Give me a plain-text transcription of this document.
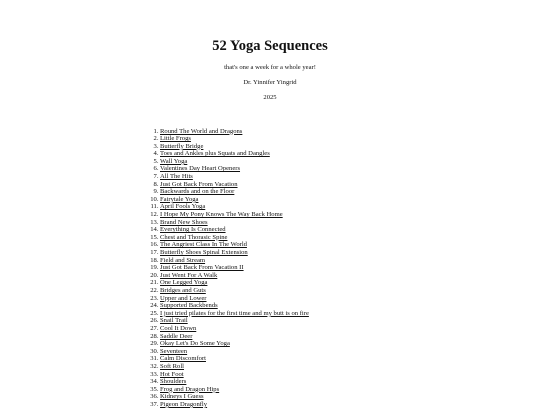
52 Yoga Sequences

that's one a week for a whole year!

Dr. Yinnifer Yingrid

2025

1. Round The World and Dragons
2. Little Frogs
3. Butterfly Bridge
4. Toes and Ankles plus Squats and Dangles
5. Wall Yoga
6. Valentines Day Heart Openers
7. All The Hits
8. Just Got Back From Vacation
9. Backwards and on the Floor
10. Fairytale Yoga
11. April Fools Yoga
12. I Hope My Pony Knows The Way Back Home
13. Brand New Shoes
14. Everything Is Connected
15. Chest and Thorasic Spine
16. The Angriest Class In The World
17. Butterfly Shoes Spinal Extension
18. Field and Stream
19. Just Got Back From Vacation II
20. Just Went For A Walk
21. One Legged Yoga
22. Bridges and Guts
23. Upper and Lower
24. Supported Backbends
25. I just tried pilates for the first time and my butt is on fire
26. Snail Trail
27. Cool It Down
28. Saddle Deer
29. Okay Let's Do Some Yoga
30. Seventeen
31. Calm Discomfort
32. Soft Roll
33. Hot Foot
34. Shoulders
35. Frog and Dragon Hips
36. Kidneys I Guess
37. Pigeon Dragonfly
